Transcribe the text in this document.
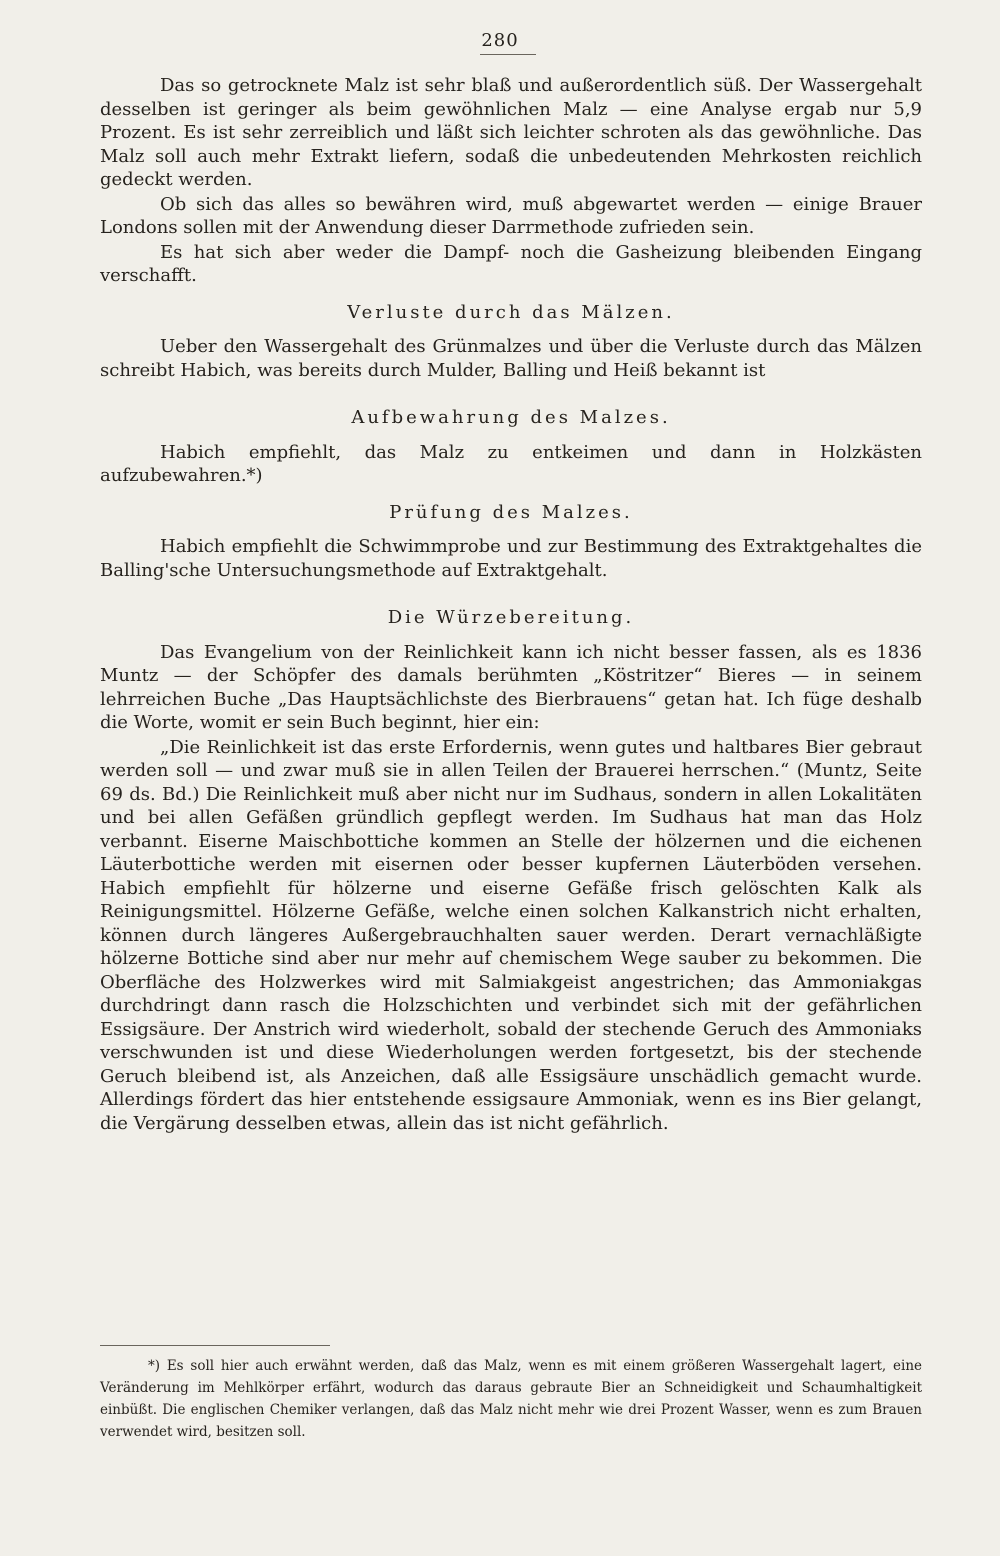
280

Das so getrocknete Malz ist sehr blaß und außerordentlich süß. Der Wassergehalt desselben ist geringer als beim gewöhnlichen Malz — eine Analyse ergab nur 5,9 Prozent. Es ist sehr zerreiblich und läßt sich leichter schroten als das gewöhnliche. Das Malz soll auch mehr Extrakt liefern, sodaß die unbedeutenden Mehrkosten reichlich gedeckt werden.

Ob sich das alles so bewähren wird, muß abgewartet werden — einige Brauer Londons sollen mit der Anwendung dieser Darrmethode zufrieden sein.

Es hat sich aber weder die Dampf- noch die Gasheizung bleibenden Eingang verschafft.

Verluste durch das Mälzen.

Ueber den Wassergehalt des Grünmalzes und über die Verluste durch das Mälzen schreibt Habich, was bereits durch Mulder, Balling und Heiß bekannt ist

Aufbewahrung des Malzes.

Habich empfiehlt, das Malz zu entkeimen und dann in Holzkästen aufzubewahren.*)

Prüfung des Malzes.

Habich empfiehlt die Schwimmprobe und zur Bestimmung des Extraktgehaltes die Balling'sche Untersuchungsmethode auf Extraktgehalt.

Die Würzebereitung.

Das Evangelium von der Reinlichkeit kann ich nicht besser fassen, als es 1836 Muntz — der Schöpfer des damals berühmten „Köstritzer“ Bieres — in seinem lehrreichen Buche „Das Hauptsächlichste des Bierbrauens“ getan hat. Ich füge deshalb die Worte, womit er sein Buch beginnt, hier ein:

„Die Reinlichkeit ist das erste Erfordernis, wenn gutes und haltbares Bier gebraut werden soll — und zwar muß sie in allen Teilen der Brauerei herrschen.“ (Muntz, Seite 69 ds. Bd.) Die Reinlichkeit muß aber nicht nur im Sudhaus, sondern in allen Lokalitäten und bei allen Gefäßen gründlich gepflegt werden. Im Sudhaus hat man das Holz verbannt. Eiserne Maischbottiche kommen an Stelle der hölzernen und die eichenen Läuterbottiche werden mit eisernen oder besser kupfernen Läuterböden versehen. Habich empfiehlt für hölzerne und eiserne Gefäße frisch gelöschten Kalk als Reinigungsmittel. Hölzerne Gefäße, welche einen solchen Kalkanstrich nicht erhalten, können durch längeres Außergebrauchhalten sauer werden. Derart vernachläßigte hölzerne Bottiche sind aber nur mehr auf chemischem Wege sauber zu bekommen. Die Oberfläche des Holzwerkes wird mit Salmiakgeist angestrichen; das Ammoniakgas durchdringt dann rasch die Holzschichten und verbindet sich mit der gefährlichen Essigsäure. Der Anstrich wird wiederholt, sobald der stechende Geruch des Ammoniaks verschwunden ist und diese Wiederholungen werden fortgesetzt, bis der stechende Geruch bleibend ist, als Anzeichen, daß alle Essigsäure unschädlich gemacht wurde. Allerdings fördert das hier entstehende essigsaure Ammoniak, wenn es ins Bier gelangt, die Vergärung desselben etwas, allein das ist nicht gefährlich.

*) Es soll hier auch erwähnt werden, daß das Malz, wenn es mit einem größeren Wassergehalt lagert, eine Veränderung im Mehlkörper erfährt, wodurch das daraus gebraute Bier an Schneidigkeit und Schaumhaltigkeit einbüßt. Die englischen Chemiker verlangen, daß das Malz nicht mehr wie drei Prozent Wasser, wenn es zum Brauen verwendet wird, besitzen soll.
